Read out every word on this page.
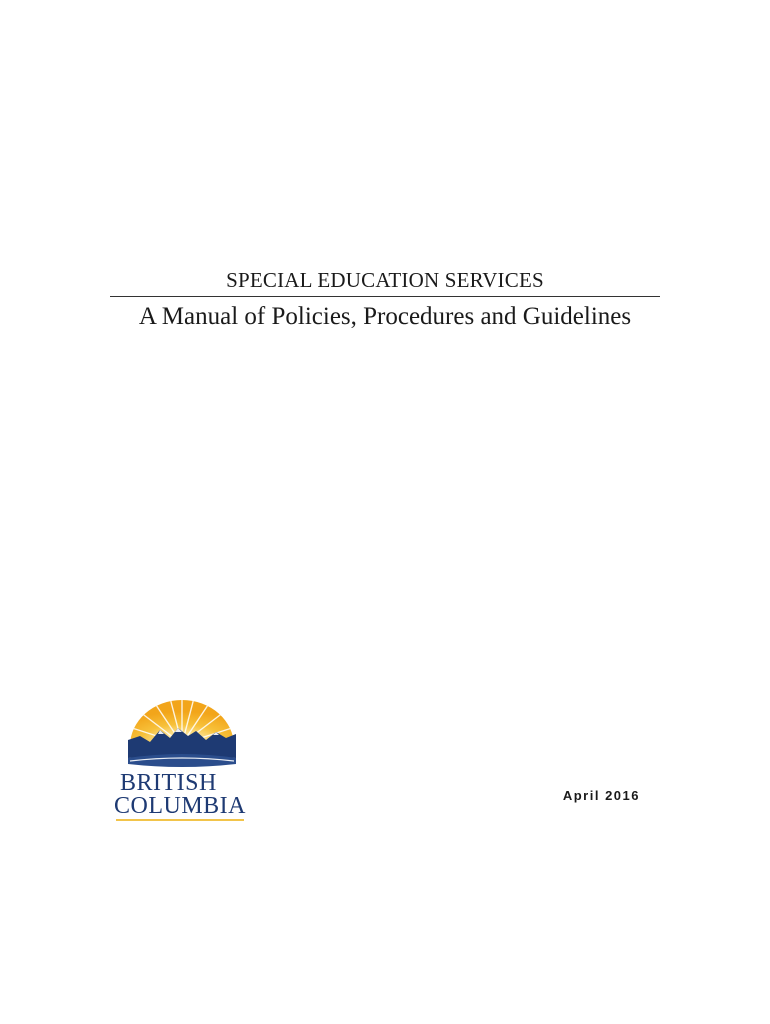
SPECIAL EDUCATION SERVICES
A Manual of Policies, Procedures and Guidelines
BRITISH
COLUMBIA	April 2016
